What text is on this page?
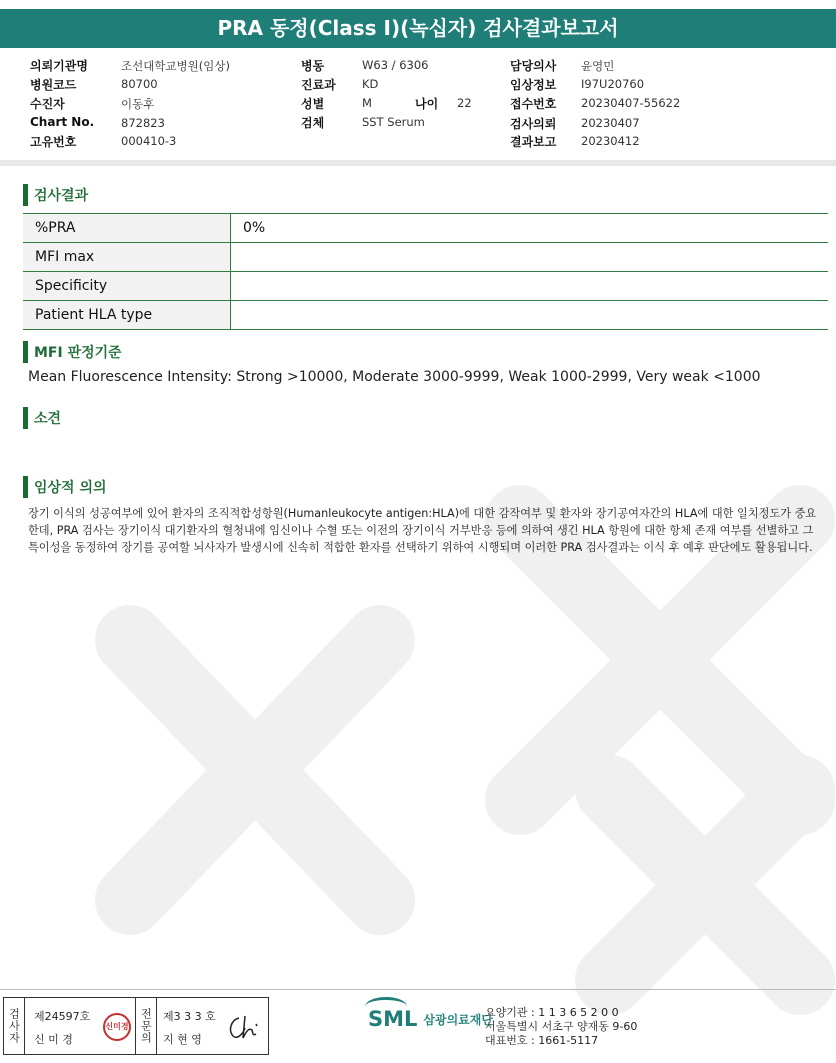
PRA 동정(Class I)(녹십자) 검사결과보고서
의뢰기관명	조선대학교병원(임상)
병원코드	80700
수진자	이동후
Chart No. 872823
고유번호	000410-3
병동	W63 / 6306
진료과 KD
성별	M	나이 22
검체	SST Serum
담당의사 윤영민
임상정보 I97U20760
접수번호 20230407-55622
검사의뢰 20230407
결과보고 20230412
검사결과
%PRA	0%
MFI max	
Specificity	
Patient HLA type	
MFI 판정기준
Mean Fluorescence Intensity: Strong >10000, Moderate 3000-9999, Weak 1000-2999, Very weak <1000
소견
임상적 의의
장기 이식의 성공여부에 있어 환자의 조직적합성항원(Humanleukocyte antigen:HLA)에 대한 감작여부 및 환자와 장기공여자간의 HLA에 대한 일치정도가 중요한데, PRA 검사는 장기이식 대기환자의 혈청내에 임신이나 수혈 또는 이전의 장기이식 거부반응 등에 의하여 생긴 HLA 항원에 대한 항체 존재 여부를 선별하고 그 특이성을 동정하여 장기를 공여할 뇌사자가 발생시에 신속히 적합한 환자를 선택하기 위하여 시행되며 이러한 PRA 검사결과는 이식 후 예후 판단에도 활용됩니다.
검사자	제24597호
신 미 경
신미경 전문의 제3 3 3 호
지 현 영
SML 삼광의료재단
요양기관 : 1 1 3 6 5 2 0 0
서울특별시 서초구 양재동 9-60
대표번호 : 1661-5117
